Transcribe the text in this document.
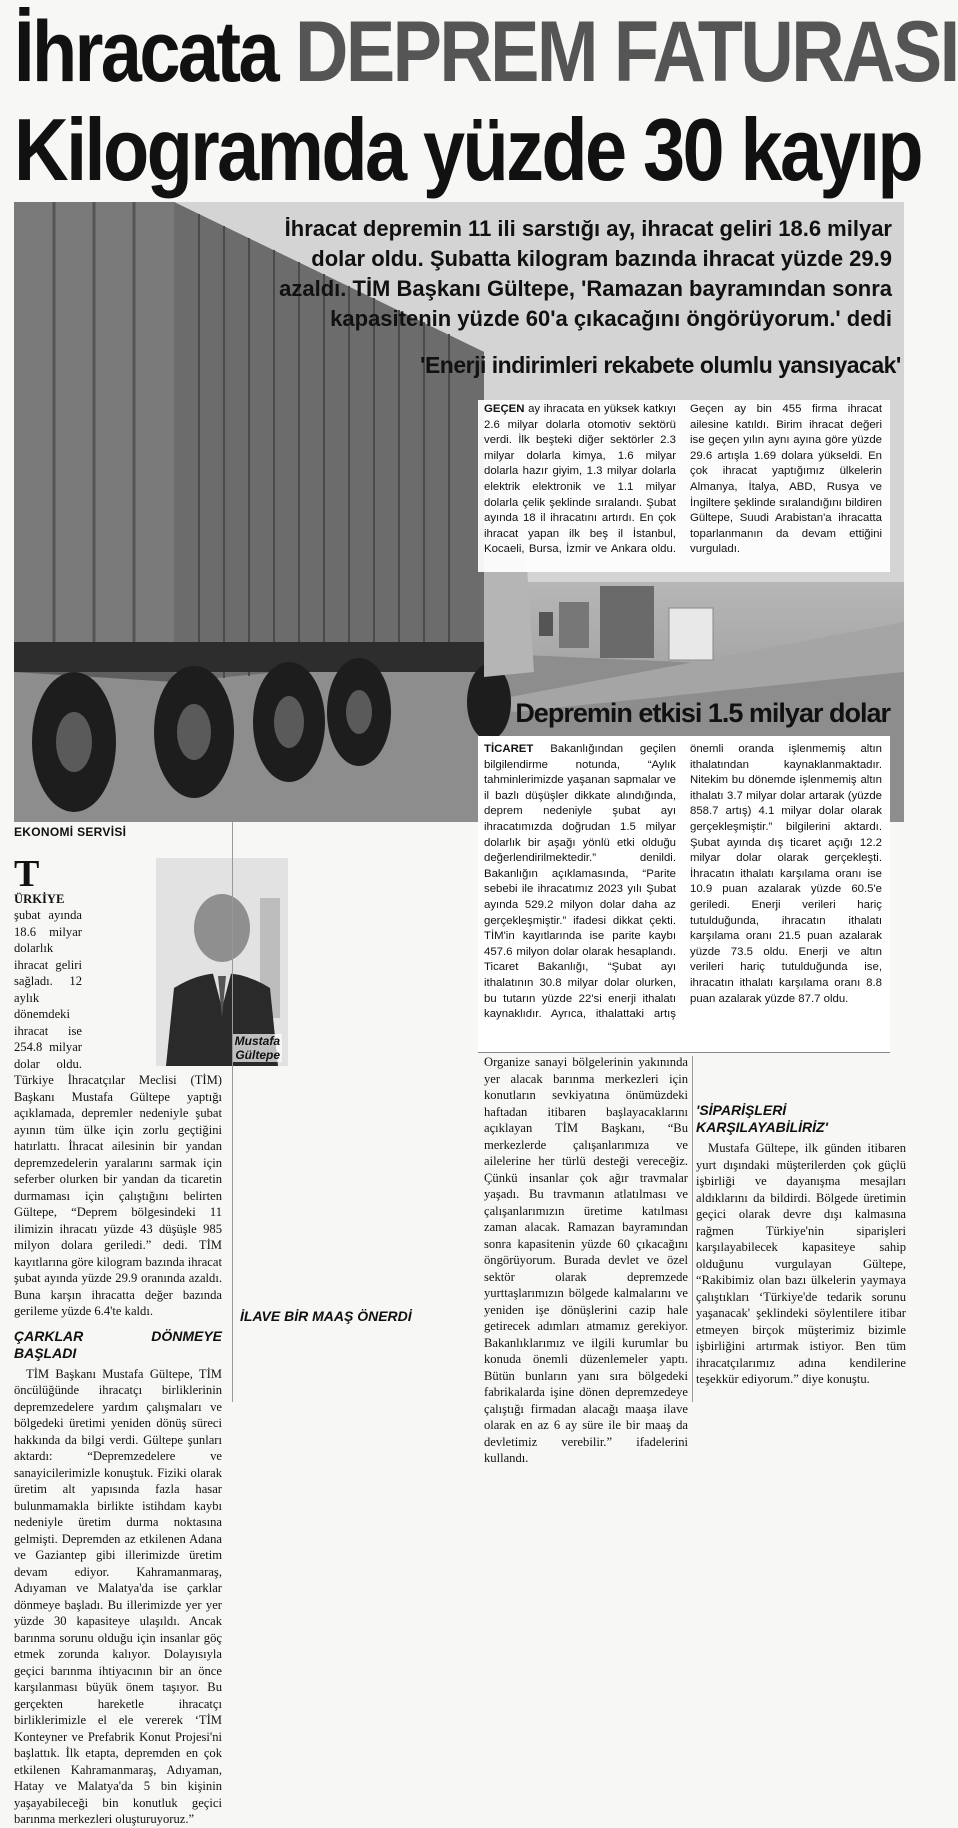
İhracata DEPREM FATURASI
Kilogramda yüzde 30 kayıp
İhracat depremin 11 ili sarstığı ay, ihracat geliri 18.6 milyar dolar oldu. Şubatta kilogram bazında ihracat yüzde 29.9 azaldı. TİM Başkanı Gültepe, 'Ramazan bayramından sonra kapasitenin yüzde 60'a çıkacağını öngörüyorum.' dedi
'Enerji indirimleri rekabete olumlu yansıyacak'
GEÇEN ay ihracata en yüksek katkıyı 2.6 milyar dolarla otomotiv sektörü verdi. İlk beşteki diğer sektörler 2.3 milyar dolarla kimya, 1.6 milyar dolarla hazır giyim, 1.3 milyar dolarla elektrik elektronik ve 1.1 milyar dolarla çelik şeklinde sıralandı. Şubat ayında 18 il ihracatını artırdı. En çok ihracat yapan ilk beş il İstanbul, Kocaeli, Bursa, İzmir ve Ankara oldu. Geçen ay bin 455 firma ihracat ailesine katıldı. Birim ihracat değeri ise geçen yılın aynı ayına göre yüzde 29.6 artışla 1.69 dolara yükseldi. En çok ihracat yaptığımız ülkelerin Almanya, İtalya, ABD, Rusya ve İngiltere şeklinde sıralandığını bildiren Gültepe, Suudi Arabistan'a ihracatta toparlanmanın da devam ettiğini vurguladı.
Depremin etkisi 1.5 milyar dolar
TİCARET Bakanlığından geçilen bilgilendirme notunda, “Aylık tahminlerimizde yaşanan sapmalar ve il bazlı düşüşler dikkate alındığında, deprem nedeniyle şubat ayı ihracatımızda doğrudan 1.5 milyar dolarlık bir aşağı yönlü etki olduğu değerlendirilmektedir.” denildi. Bakanlığın açıklamasında, “Parite sebebi ile ihracatımız 2023 yılı Şubat ayında 529.2 milyon dolar daha az gerçekleşmiştir.” ifadesi dikkat çekti. TİM'in kayıtlarında ise parite kaybı 457.6 milyon dolar olarak hesaplandı. Ticaret Bakanlığı, “Şubat ayı ithalatının 30.8 milyar dolar olurken, bu tutarın yüzde 22'si enerji ithalatı kaynaklıdır. Ayrıca, ithalattaki artış önemli oranda işlenmemiş altın ithalatından kaynaklanmaktadır. Nitekim bu dönemde işlenmemiş altın ithalatı 3.7 milyar dolar artarak (yüzde 858.7 artış) 4.1 milyar dolar olarak gerçekleşmiştir.” bilgilerini aktardı. Şubat ayında dış ticaret açığı 12.2 milyar dolar olarak gerçekleşti. İhracatın ithalatı karşılama oranı ise 10.9 puan azalarak yüzde 60.5'e geriledi. Enerji verileri hariç tutulduğunda, ihracatın ithalatı karşılama oranı 21.5 puan azalarak yüzde 73.5 oldu. Enerji ve altın verileri hariç tutulduğunda ise, ihracatın ithalatı karşılama oranı 8.8 puan azalarak yüzde 87.7 oldu.
Mustafa
Gültepe
EKONOMİ SERVİSİ
T
ÜRKİYE şubat ayında 18.6 milyar dolarlık ihracat geliri sağladı. 12 aylık dönemdeki ihracat ise 254.8 milyar dolar oldu. Türkiye İhracatçılar Meclisi (TİM) Başkanı Mustafa Gültepe yaptığı açıklamada, depremler nedeniyle şubat ayının tüm ülke için zorlu geçtiğini hatırlattı. İhracat ailesinin bir yandan depremzedelerin yaralarını sarmak için seferber olurken bir yandan da ticaretin durmaması için çalıştığını belirten Gültepe, “Deprem bölgesindeki 11 ilimizin ihracatı yüzde 43 düşüşle 985 milyon dolara geriledi.” dedi. TİM kayıtlarına göre kilogram bazında ihracat şubat ayında yüzde 29.9 oranında azaldı. Buna karşın ihracatta değer bazında gerileme yüzde 6.4'te kaldı.
ÇARKLAR DÖNMEYE BAŞLADI
TİM Başkanı Mustafa Gültepe, TİM öncülüğünde ihracatçı birliklerinin depremzedelere yardım çalışmaları ve bölgedeki üretimi yeniden dönüş süreci hakkında da bilgi verdi. Gültepe şunları aktardı: “Depremzedelere ve sanayicilerimizle konuştuk. Fiziki olarak üretim alt yapısında fazla hasar bulunmamakla birlikte istihdam kaybı nedeniyle üretim durma noktasına gelmişti. Depremden az etkilenen Adana ve Gaziantep gibi illerimizde üretim devam ediyor. Kahramanmaraş, Adıyaman ve Malatya'da ise çarklar dönmeye başladı. Bu illerimizde yer yer yüzde 30 kapasiteye ulaşıldı. Ancak barınma sorunu olduğu için insanlar göç etmek zorunda kalıyor. Dolayısıyla geçici barınma ihtiyacının bir an önce karşılanması büyük önem taşıyor. Bu gerçekten hareketle ihracatçı birliklerimizle el ele vererek ‘TİM Konteyner ve Prefabrik Konut Projesi'ni başlattık. İlk etapta, depremden en çok etkilenen Kahramanmaraş, Adıyaman, Hatay ve Malatya'da 5 bin kişinin yaşayabileceği bin konutluk geçici barınma merkezleri oluşturuyoruz.”
Organize sanayi bölgelerinin yakınında yer alacak barınma merkezleri için konutların sevkiyatına önümüzdeki haftadan itibaren başlayacaklarını açıklayan TİM Başkanı, “Bu merkezlerde çalışanlarımıza ve ailelerine her türlü desteği vereceğiz. Çünkü insanlar çok ağır travmalar yaşadı. Bu travmanın atlatılması ve çalışanlarımızın üretime katılması zaman alacak. Ramazan bayramından sonra kapasitenin yüzde 60 çıkacağını öngörüyorum. Burada devlet ve özel sektör olarak depremzede yurttaşlarımızın bölgede kalmalarını ve yeniden işe dönüşlerini cazip hale getirecek adımları atmamız gerekiyor. Bakanlıklarımız ve ilgili kurumlar bu konuda önemli düzenlemeler yaptı. Bütün bunların yanı sıra bölgedeki fabrikalarda işine dönen depremzedeye çalıştığı firmadan alacağı maaşa ilave olarak en az 6 ay süre ile bir maaş da devletimiz verebilir.” ifadelerini kullandı.
'SİPARİŞLERİ KARŞILAYABİLİRİZ'
Mustafa Gültepe, ilk günden itibaren yurt dışındaki müşterilerden çok güçlü işbirliği ve dayanışma mesajları aldıklarını da bildirdi. Bölgede üretimin geçici olarak devre dışı kalmasına rağmen Türkiye'nin siparişleri karşılayabilecek kapasiteye sahip olduğunu vurgulayan Gültepe, “Rakibimiz olan bazı ülkelerin yaymaya çalıştıkları ‘Türkiye'de tedarik sorunu yaşanacak' şeklindeki söylentilere itibar etmeyen birçok müşterimiz bizimle işbirliğini artırmak istiyor. Ben tüm ihracatçılarımız adına kendilerine teşekkür ediyorum.” diye konuştu.
İLAVE BİR MAAŞ ÖNERDİ
